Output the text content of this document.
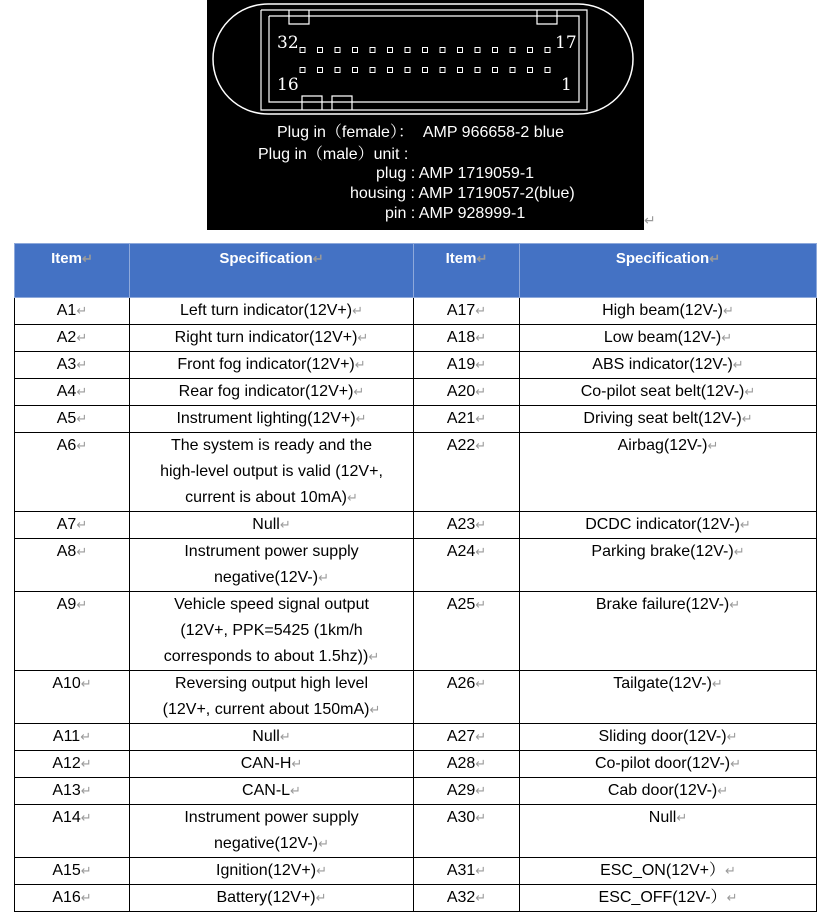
32	17
16	1
Plug in（female）：  AMP 966658-2 blue
Plug in（male）unit :
plug : AMP 1719059-1
housing : AMP 1719057-2(blue)
pin : AMP 928999-1	↵
Item↵	Specification↵	Item↵	Specification↵

A1↵	Left turn indicator(12V+)↵	A17↵	High beam(12V-)↵

A2↵	Right turn indicator(12V+)↵	A18↵	Low beam(12V-)↵

A3↵	Front fog indicator(12V+)↵	A19↵	ABS indicator(12V-)↵

A4↵	Rear fog indicator(12V+)↵	A20↵	Co-pilot seat belt(12V-)↵

A5↵	Instrument lighting(12V+)↵	A21↵	Driving seat belt(12V-)↵

A6↵	The system is ready and the
high-level output is valid (12V+,
current is about 10mA)↵	A22↵	Airbag(12V-)↵

A7↵	Null↵	A23↵	DCDC indicator(12V-)↵

A8↵	Instrument power supply
negative(12V-)↵	A24↵	Parking brake(12V-)↵

A9↵	Vehicle speed signal output
(12V+, PPK=5425 (1km/h
corresponds to about 1.5hz))↵	A25↵	Brake failure(12V-)↵

A10↵	Reversing output high level
(12V+, current about 150mA)↵	A26↵	Tailgate(12V-)↵

A11↵	Null↵	A27↵	Sliding door(12V-)↵

A12↵	CAN-H↵	A28↵	Co-pilot door(12V-)↵

A13↵	CAN-L↵	A29↵	Cab door(12V-)↵

A14↵	Instrument power supply
negative(12V-)↵	A30↵	Null↵

A15↵	Ignition(12V+)↵	A31↵	ESC_ON(12V+）↵

A16↵	Battery(12V+)↵	A32↵	ESC_OFF(12V-）↵
